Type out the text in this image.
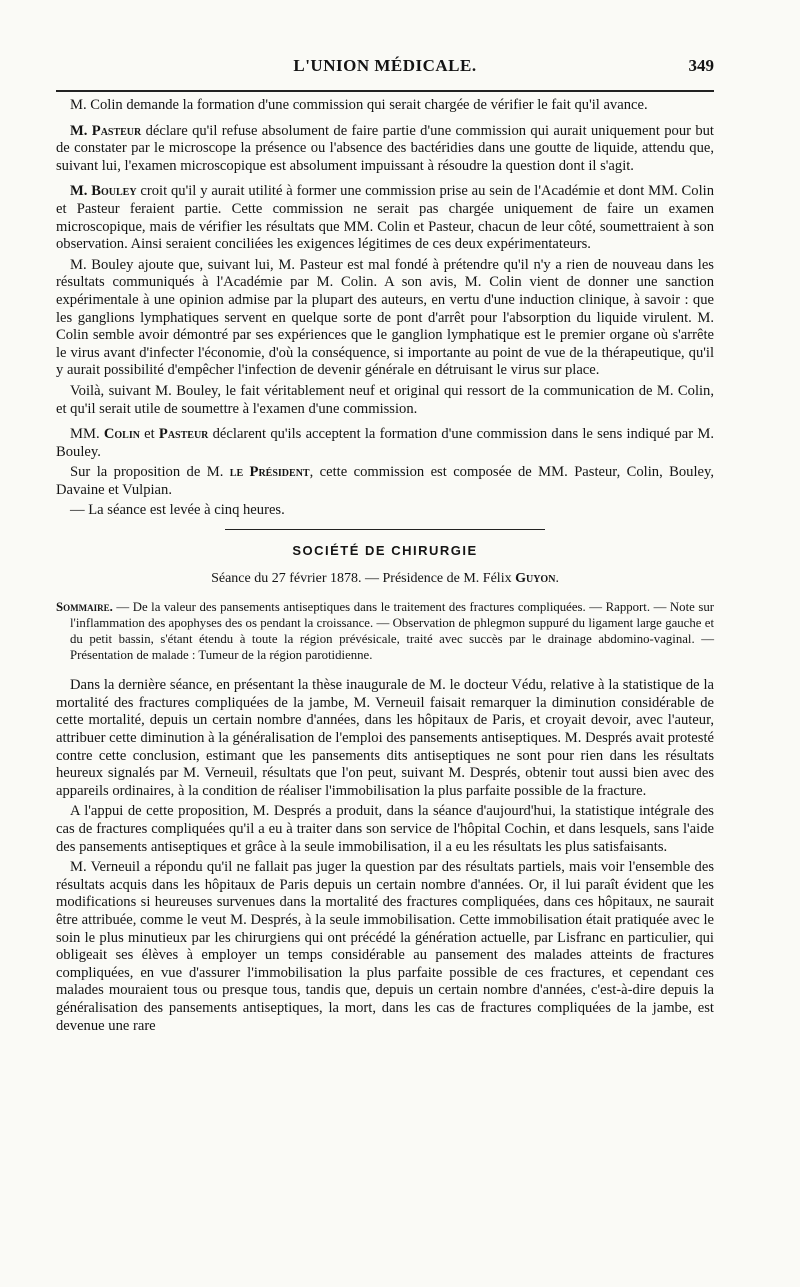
L'UNION MÉDICALE.	349

M. Colin demande la formation d'une commission qui serait chargée de vérifier le fait qu'il avance.

M. Pasteur déclare qu'il refuse absolument de faire partie d'une commission qui aurait uniquement pour but de constater par le microscope la présence ou l'absence des bactéridies dans une goutte de liquide, attendu que, suivant lui, l'examen microscopique est absolument impuissant à résoudre la question dont il s'agit.

M. Bouley croit qu'il y aurait utilité à former une commission prise au sein de l'Académie et dont MM. Colin et Pasteur feraient partie. Cette commission ne serait pas chargée uniquement de faire un examen microscopique, mais de vérifier les résultats que MM. Colin et Pasteur, chacun de leur côté, soumettraient à son observation. Ainsi seraient conciliées les exigences légitimes de ces deux expérimentateurs.

M. Bouley ajoute que, suivant lui, M. Pasteur est mal fondé à prétendre qu'il n'y a rien de nouveau dans les résultats communiqués à l'Académie par M. Colin. A son avis, M. Colin vient de donner une sanction expérimentale à une opinion admise par la plupart des auteurs, en vertu d'une induction clinique, à savoir : que les ganglions lymphatiques servent en quelque sorte de pont d'arrêt pour l'absorption du liquide virulent. M. Colin semble avoir démontré par ses expériences que le ganglion lymphatique est le premier organe où s'arrête le virus avant d'infecter l'économie, d'où la conséquence, si importante au point de vue de la thérapeutique, qu'il y aurait possibilité d'empêcher l'infection de devenir générale en détruisant le virus sur place.

Voilà, suivant M. Bouley, le fait véritablement neuf et original qui ressort de la communication de M. Colin, et qu'il serait utile de soumettre à l'examen d'une commission.

MM. Colin et Pasteur déclarent qu'ils acceptent la formation d'une commission dans le sens indiqué par M. Bouley.

Sur la proposition de M. le Président, cette commission est composée de MM. Pasteur, Colin, Bouley, Davaine et Vulpian.

— La séance est levée à cinq heures.

SOCIÉTÉ DE CHIRURGIE
Séance du 27 février 1878. — Présidence de M. Félix Guyon.
Sommaire. — De la valeur des pansements antiseptiques dans le traitement des fractures compliquées. — Rapport. — Note sur l'inflammation des apophyses des os pendant la croissance. — Observation de phlegmon suppuré du ligament large gauche et du petit bassin, s'étant étendu à toute la région prévésicale, traité avec succès par le drainage abdomino-vaginal. — Présentation de malade : Tumeur de la région parotidienne.

Dans la dernière séance, en présentant la thèse inaugurale de M. le docteur Védu, relative à la statistique de la mortalité des fractures compliquées de la jambe, M. Verneuil faisait remarquer la diminution considérable de cette mortalité, depuis un certain nombre d'années, dans les hôpitaux de Paris, et croyait devoir, avec l'auteur, attribuer cette diminution à la généralisation de l'emploi des pansements antiseptiques. M. Després avait protesté contre cette conclusion, estimant que les pansements dits antiseptiques ne sont pour rien dans les résultats heureux signalés par M. Verneuil, résultats que l'on peut, suivant M. Després, obtenir tout aussi bien avec des appareils ordinaires, à la condition de réaliser l'immobilisation la plus parfaite possible de la fracture.

A l'appui de cette proposition, M. Després a produit, dans la séance d'aujourd'hui, la statistique intégrale des cas de fractures compliquées qu'il a eu à traiter dans son service de l'hôpital Cochin, et dans lesquels, sans l'aide des pansements antiseptiques et grâce à la seule immobilisation, il a eu les résultats les plus satisfaisants.

M. Verneuil a répondu qu'il ne fallait pas juger la question par des résultats partiels, mais voir l'ensemble des résultats acquis dans les hôpitaux de Paris depuis un certain nombre d'années. Or, il lui paraît évident que les modifications si heureuses survenues dans la mortalité des fractures compliquées, dans ces hôpitaux, ne saurait être attribuée, comme le veut M. Després, à la seule immobilisation. Cette immobilisation était pratiquée avec le soin le plus minutieux par les chirurgiens qui ont précédé la génération actuelle, par Lisfranc en particulier, qui obligeait ses élèves à employer un temps considérable au pansement des malades atteints de fractures compliquées, en vue d'assurer l'immobilisation la plus parfaite possible de ces fractures, et cependant ces malades mouraient tous ou presque tous, tandis que, depuis un certain nombre d'années, c'est-à-dire depuis la généralisation des pansements antiseptiques, la mort, dans les cas de fractures compliquées de la jambe, est devenue une rare
